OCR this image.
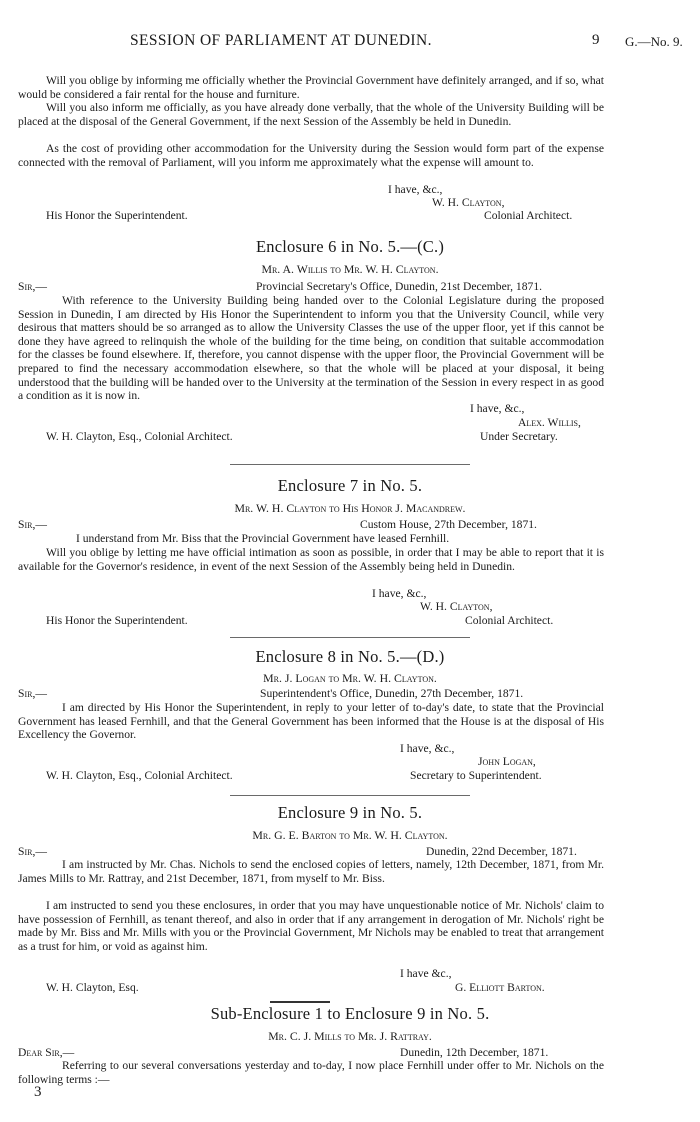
SESSION OF PARLIAMENT AT DUNEDIN.	9 G.—No. 9.
Will you oblige by informing me officially whether the Provincial Government have definitely arranged, and if so, what would be considered a fair rental for the house and furniture.
Will you also inform me officially, as you have already done verbally, that the whole of the University Building will be placed at the disposal of the General Government, if the next Session of the Assembly be held in Dunedin.
As the cost of providing other accommodation for the University during the Session would form part of the expense connected with the removal of Parliament, will you inform me approximately what the expense will amount to.
I have, &c.,
W. H. Clayton,
Colonial Architect.
His Honor the Superintendent.
Enclosure 6 in No. 5.—(C.)
Mr. A. Willis to Mr. W. H. Clayton.
Sir,—	Provincial Secretary's Office, Dunedin, 21st December, 1871.
With reference to the University Building being handed over to the Colonial Legislature during the proposed Session in Dunedin, I am directed by His Honor the Superintendent to inform you that the University Council, while very desirous that matters should be so arranged as to allow the University Classes the use of the upper floor, yet if this cannot be done they have agreed to relinquish the whole of the building for the time being, on condition that suitable accommodation for the classes be found elsewhere. If, therefore, you cannot dispense with the upper floor, the Provincial Government will be prepared to find the necessary accommodation elsewhere, so that the whole will be placed at your disposal, it being understood that the building will be handed over to the University at the termination of the Session in every respect in as good a condition as it is now in.
I have, &c.,
Alex. Willis,
Under Secretary.
W. H. Clayton, Esq., Colonial Architect.
Enclosure 7 in No. 5.
Mr. W. H. Clayton to His Honor J. Macandrew.
Sir,—	Custom House, 27th December, 1871.
I understand from Mr. Biss that the Provincial Government have leased Fernhill.
Will you oblige by letting me have official intimation as soon as possible, in order that I may be able to report that it is available for the Governor's residence, in event of the next Session of the Assembly being held in Dunedin.
I have, &c.,
W. H. Clayton,
Colonial Architect.
His Honor the Superintendent.
Enclosure 8 in No. 5.—(D.)
Mr. J. Logan to Mr. W. H. Clayton.
Sir,—	Superintendent's Office, Dunedin, 27th December, 1871.
I am directed by His Honor the Superintendent, in reply to your letter of to-day's date, to state that the Provincial Government has leased Fernhill, and that the General Government has been informed that the House is at the disposal of His Excellency the Governor.
I have, &c.,
John Logan,
Secretary to Superintendent.
W. H. Clayton, Esq., Colonial Architect.
Enclosure 9 in No. 5.
Mr. G. E. Barton to Mr. W. H. Clayton.
Sir,—	Dunedin, 22nd December, 1871.
I am instructed by Mr. Chas. Nichols to send the enclosed copies of letters, namely, 12th December, 1871, from Mr. James Mills to Mr. Rattray, and 21st December, 1871, from myself to Mr. Biss.
I am instructed to send you these enclosures, in order that you may have unquestionable notice of Mr. Nichols' claim to have possession of Fernhill, as tenant thereof, and also in order that if any arrangement in derogation of Mr. Nichols' right be made by Mr. Biss and Mr. Mills with you or the Provincial Government, Mr Nichols may be enabled to treat that arrangement as a trust for him, or void as against him.
I have &c.,
G. Elliott Barton.
W. H. Clayton, Esq.
Sub-Enclosure 1 to Enclosure 9 in No. 5.
Mr. C. J. Mills to Mr. J. Rattray.
Dear Sir,—	Dunedin, 12th December, 1871.
Referring to our several conversations yesterday and to-day, I now place Fernhill under offer to Mr. Nichols on the following terms :—
3
